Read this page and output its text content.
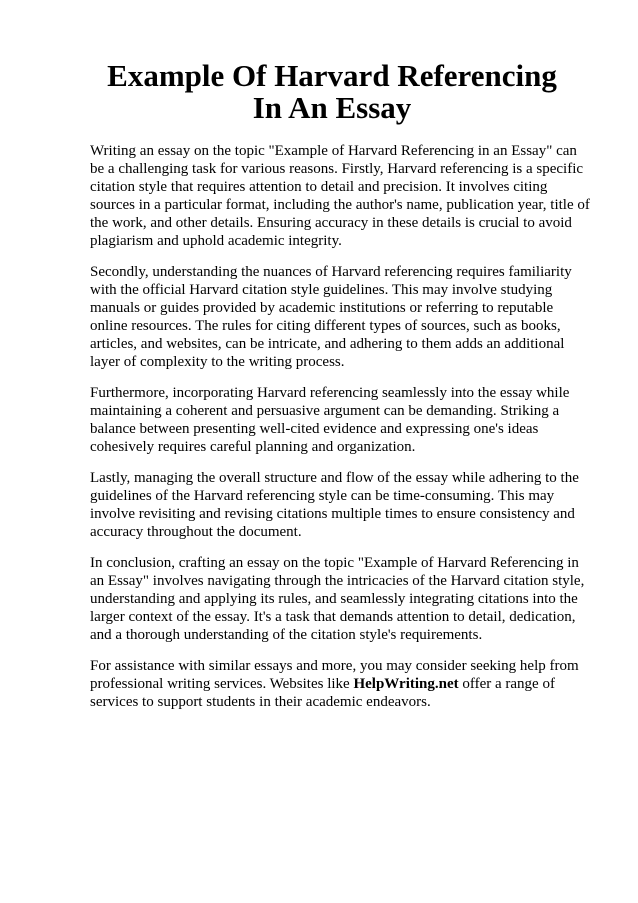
Example Of Harvard Referencing In An Essay

Writing an essay on the topic "Example of Harvard Referencing in an Essay" can be a challenging task for various reasons. Firstly, Harvard referencing is a specific citation style that requires attention to detail and precision. It involves citing sources in a particular format, including the author's name, publication year, title of the work, and other details. Ensuring accuracy in these details is crucial to avoid plagiarism and uphold academic integrity.

Secondly, understanding the nuances of Harvard referencing requires familiarity with the official Harvard citation style guidelines. This may involve studying manuals or guides provided by academic institutions or referring to reputable online resources. The rules for citing different types of sources, such as books, articles, and websites, can be intricate, and adhering to them adds an additional layer of complexity to the writing process.

Furthermore, incorporating Harvard referencing seamlessly into the essay while maintaining a coherent and persuasive argument can be demanding. Striking a balance between presenting well-cited evidence and expressing one's ideas cohesively requires careful planning and organization.

Lastly, managing the overall structure and flow of the essay while adhering to the guidelines of the Harvard referencing style can be time-consuming. This may involve revisiting and revising citations multiple times to ensure consistency and accuracy throughout the document.

In conclusion, crafting an essay on the topic "Example of Harvard Referencing in an Essay" involves navigating through the intricacies of the Harvard citation style, understanding and applying its rules, and seamlessly integrating citations into the larger context of the essay. It's a task that demands attention to detail, dedication, and a thorough understanding of the citation style's requirements.

For assistance with similar essays and more, you may consider seeking help from professional writing services. Websites like HelpWriting.net offer a range of services to support students in their academic endeavors.
